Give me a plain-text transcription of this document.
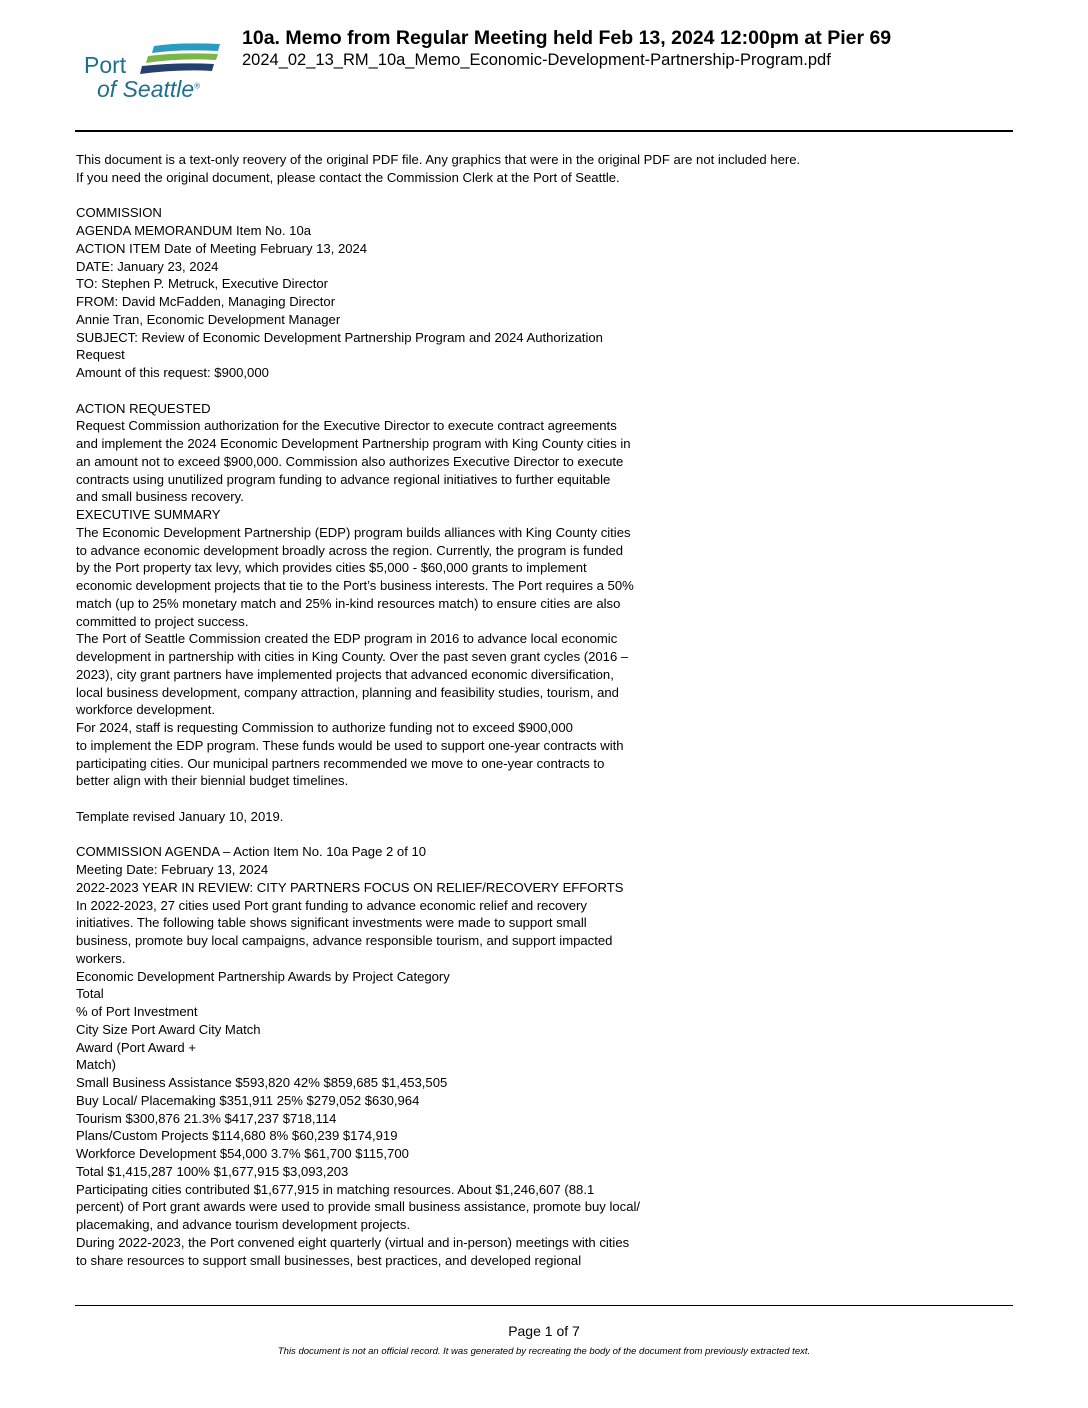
Port
of Seattle®
10a. Memo from Regular Meeting held Feb 13, 2024 12:00pm at Pier 69
2024_02_13_RM_10a_Memo_Economic-Development-Partnership-Program.pdf
This document is a text-only reovery of the original PDF file. Any graphics that were in the original PDF are not included here.
If you need the original document, please contact the Commission Clerk at the Port of Seattle.
COMMISSION
AGENDA MEMORANDUM Item No. 10a
ACTION ITEM Date of Meeting February 13, 2024
DATE: January 23, 2024
TO: Stephen P. Metruck, Executive Director
FROM: David McFadden, Managing Director
Annie Tran, Economic Development Manager
SUBJECT: Review of Economic Development Partnership Program and 2024 Authorization
Request
Amount of this request: $900,000
ACTION REQUESTED
Request Commission authorization for the Executive Director to execute contract agreements
and implement the 2024 Economic Development Partnership program with King County cities in
an amount not to exceed $900,000. Commission also authorizes Executive Director to execute
contracts using unutilized program funding to advance regional initiatives to further equitable
and small business recovery.
EXECUTIVE SUMMARY
The Economic Development Partnership (EDP) program builds alliances with King County cities
to advance economic development broadly across the region. Currently, the program is funded
by the Port property tax levy, which provides cities $5,000 - $60,000 grants to implement
economic development projects that tie to the Port’s business interests. The Port requires a 50%
match (up to 25% monetary match and 25% in-kind resources match) to ensure cities are also
committed to project success.
The Port of Seattle Commission created the EDP program in 2016 to advance local economic
development in partnership with cities in King County. Over the past seven grant cycles (2016 –
2023), city grant partners have implemented projects that advanced economic diversification,
local business development, company attraction, planning and feasibility studies, tourism, and
workforce development.
For 2024, staff is requesting Commission to authorize funding not to exceed $900,000
to implement the EDP program. These funds would be used to support one-year contracts with
participating cities. Our municipal partners recommended we move to one-year contracts to
better align with their biennial budget timelines.
Template revised January 10, 2019.
COMMISSION AGENDA – Action Item No. 10a Page 2 of 10
Meeting Date: February 13, 2024
2022-2023 YEAR IN REVIEW: CITY PARTNERS FOCUS ON RELIEF/RECOVERY EFFORTS
In 2022-2023, 27 cities used Port grant funding to advance economic relief and recovery
initiatives. The following table shows significant investments were made to support small
business, promote buy local campaigns, advance responsible tourism, and support impacted
workers.
Economic Development Partnership Awards by Project Category
Total
% of Port Investment
City Size Port Award City Match
Award (Port Award +
Match)
Small Business Assistance $593,820 42% $859,685 $1,453,505
Buy Local/ Placemaking $351,911 25% $279,052 $630,964
Tourism $300,876 21.3% $417,237 $718,114
Plans/Custom Projects $114,680 8% $60,239 $174,919
Workforce Development $54,000 3.7% $61,700 $115,700
Total $1,415,287 100% $1,677,915 $3,093,203
Participating cities contributed $1,677,915 in matching resources. About $1,246,607 (88.1
percent) of Port grant awards were used to provide small business assistance, promote buy local/
placemaking, and advance tourism development projects.
During 2022-2023, the Port convened eight quarterly (virtual and in-person) meetings with cities
to share resources to support small businesses, best practices, and developed regional
Page 1 of 7
This document is not an official record. It was generated by recreating the body of the document from previously extracted text.
